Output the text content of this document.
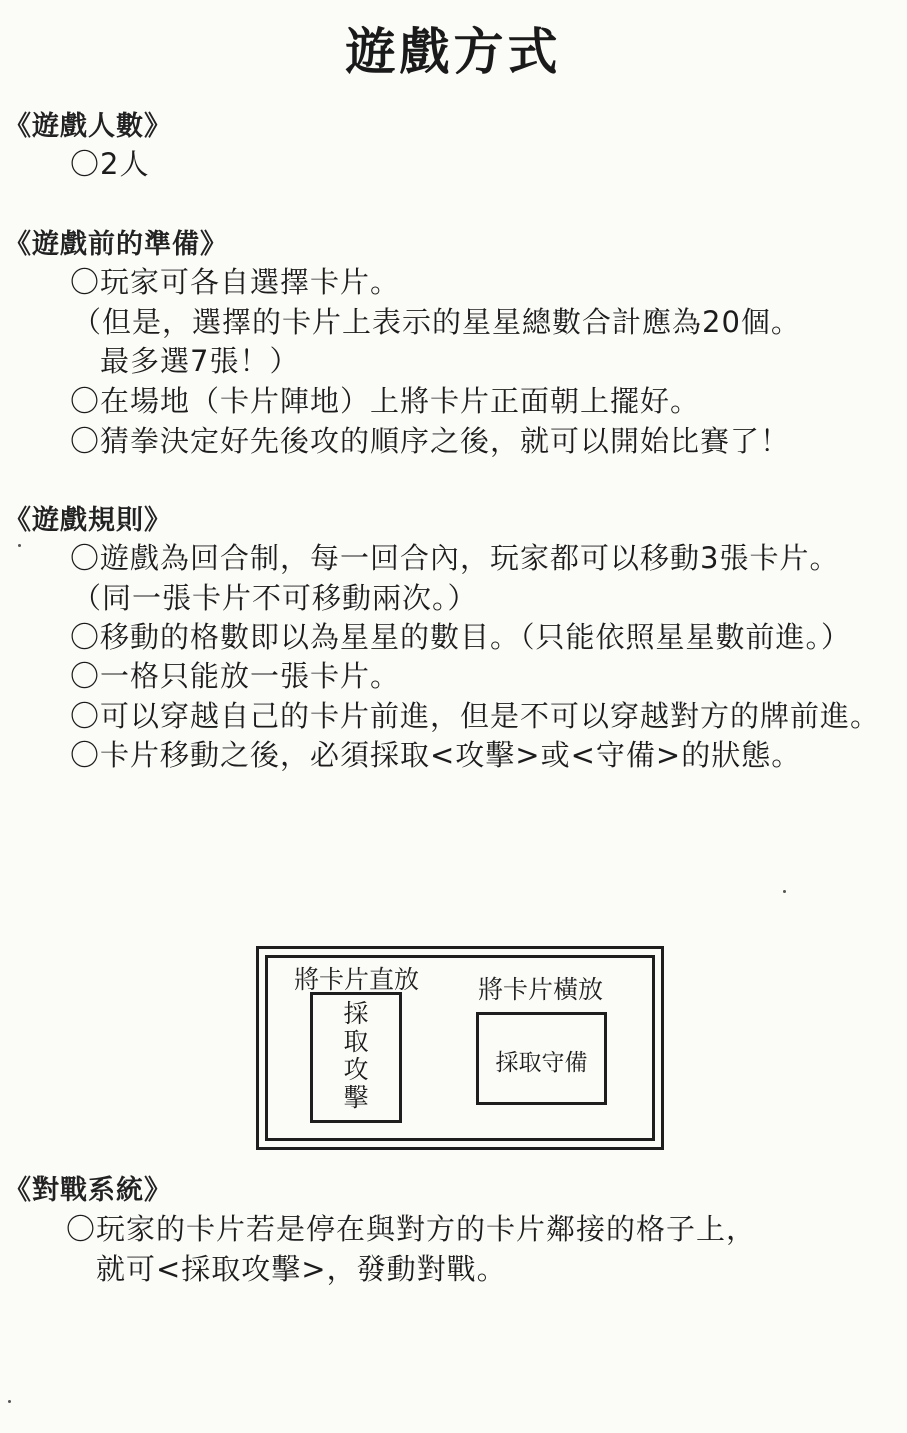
遊戲方式
《遊戲人數》
〇2人
《遊戲前的準備》
〇玩家可各自選擇卡片。
（但是，選擇的卡片上表示的星星總數合計應為20個。
最多選7張！）
〇在場地（卡片陣地）上將卡片正面朝上擺好。
〇猜拳決定好先後攻的順序之後，就可以開始比賽了！
《遊戲規則》
〇遊戲為回合制，每一回合內，玩家都可以移動3張卡片。
（同一張卡片不可移動兩次。）
〇移動的格數即以為星星的數目。（只能依照星星數前進。）
〇一格只能放一張卡片。
〇可以穿越自己的卡片前進，但是不可以穿越對方的牌前進。
〇卡片移動之後，必須採取<攻擊>或<守備>的狀態。
將卡片直放 將卡片橫放
採取攻擊
採取守備
《對戰系統》
〇玩家的卡片若是停在與對方的卡片鄰接的格子上，
就可<採取攻擊>，發動對戰。
